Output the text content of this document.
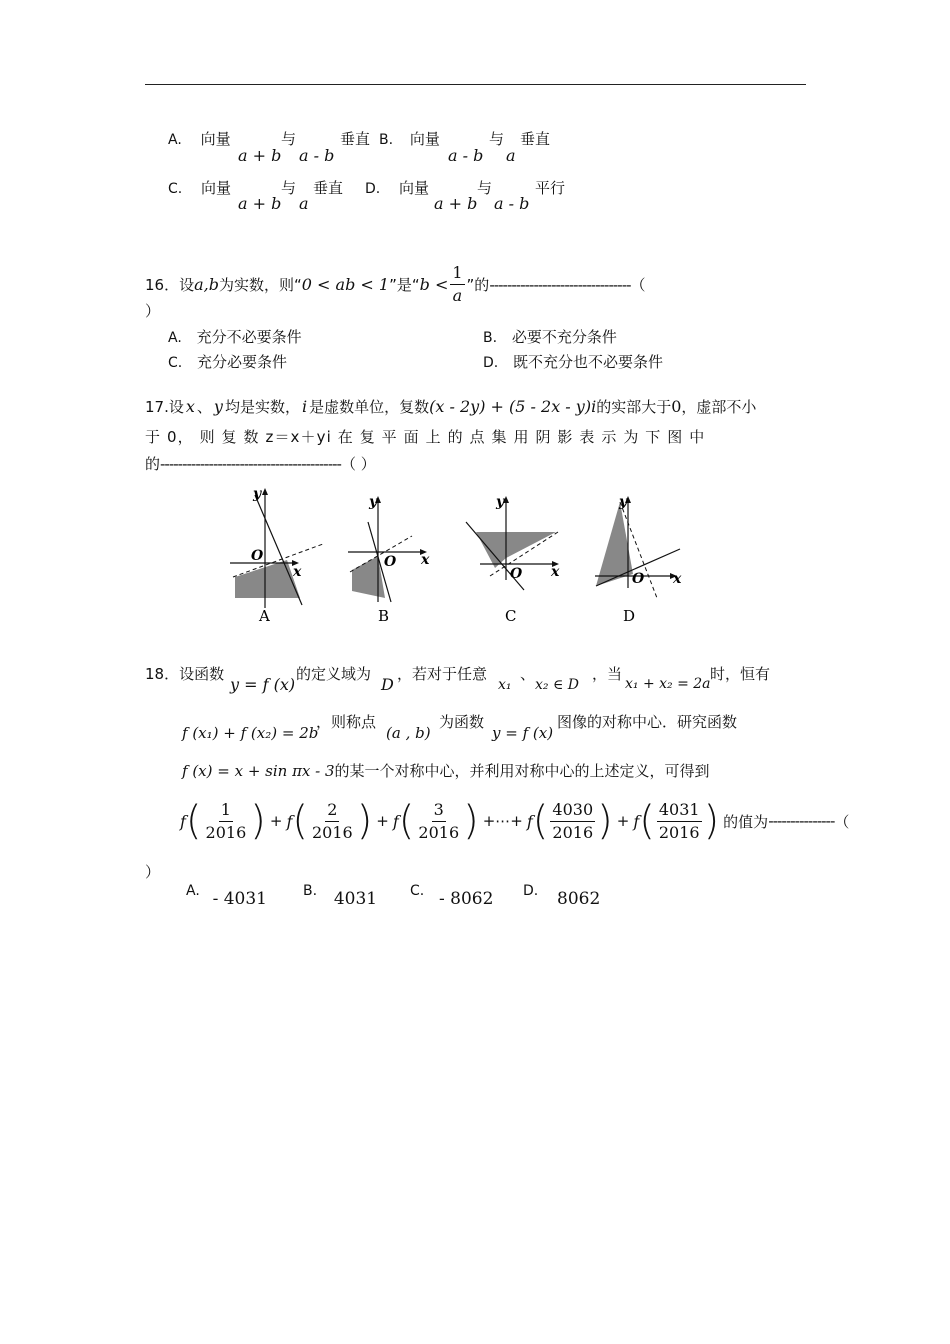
A. 向量
a + b
与
a - b
垂直 B. 向量
a - b
与
a
垂直
C. 向量
a + b
与
a
垂直 D. 向量
a + b
与
a - b
平行
16． 设 a,b 为实数，则“ 0 < ab < 1 ”是“ $b < \frac{1}{a}$ ”的 -------------------------------- （
）
A. 充分不必要条件	B. 必要不充分条件
C. 充分必要条件	D. 既不充分也不必要条件
17. 设 x 、 y 均是实数， i 是虚数单位，复数 (x - 2y) + (5 - 2x - y)i 的实部大于 0 ，虚部不小
于 0， 则 复 数 z＝x＋yi 在 复 平 面 上 的 点 集 用 阴 影 表 示 为 下 图 中
的-----------------------------------------（ ）
O
x
y
A
O x
y
B
O x
y
C
O x
y
D
18．设函数
y = f (x)
的定义域为
D
，若对于任意
x₁
、
x₂ ∈ D
，当
x₁ + x₂ = 2a
时，恒有
f (x₁) + f (x₂) = 2b
，则称点
(a , b)
为函数
y = f (x)
图像的对称中心．研究函数
f (x) = x + sin πx - 3 的某一个对称中心，并利用对称中心的上述定义，可得到
f ( $\frac{1}{2016}$ ) + f ( $\frac{2}{2016}$ ) + f ( $\frac{3}{2016}$ ) +⋯+ f ( $\frac{4030}{2016}$ ) + f ( $\frac{4031}{2016}$ ) 的值为 --------------- （
）
A. - 4031	B. 4031 C. - 8062 D. 8062
